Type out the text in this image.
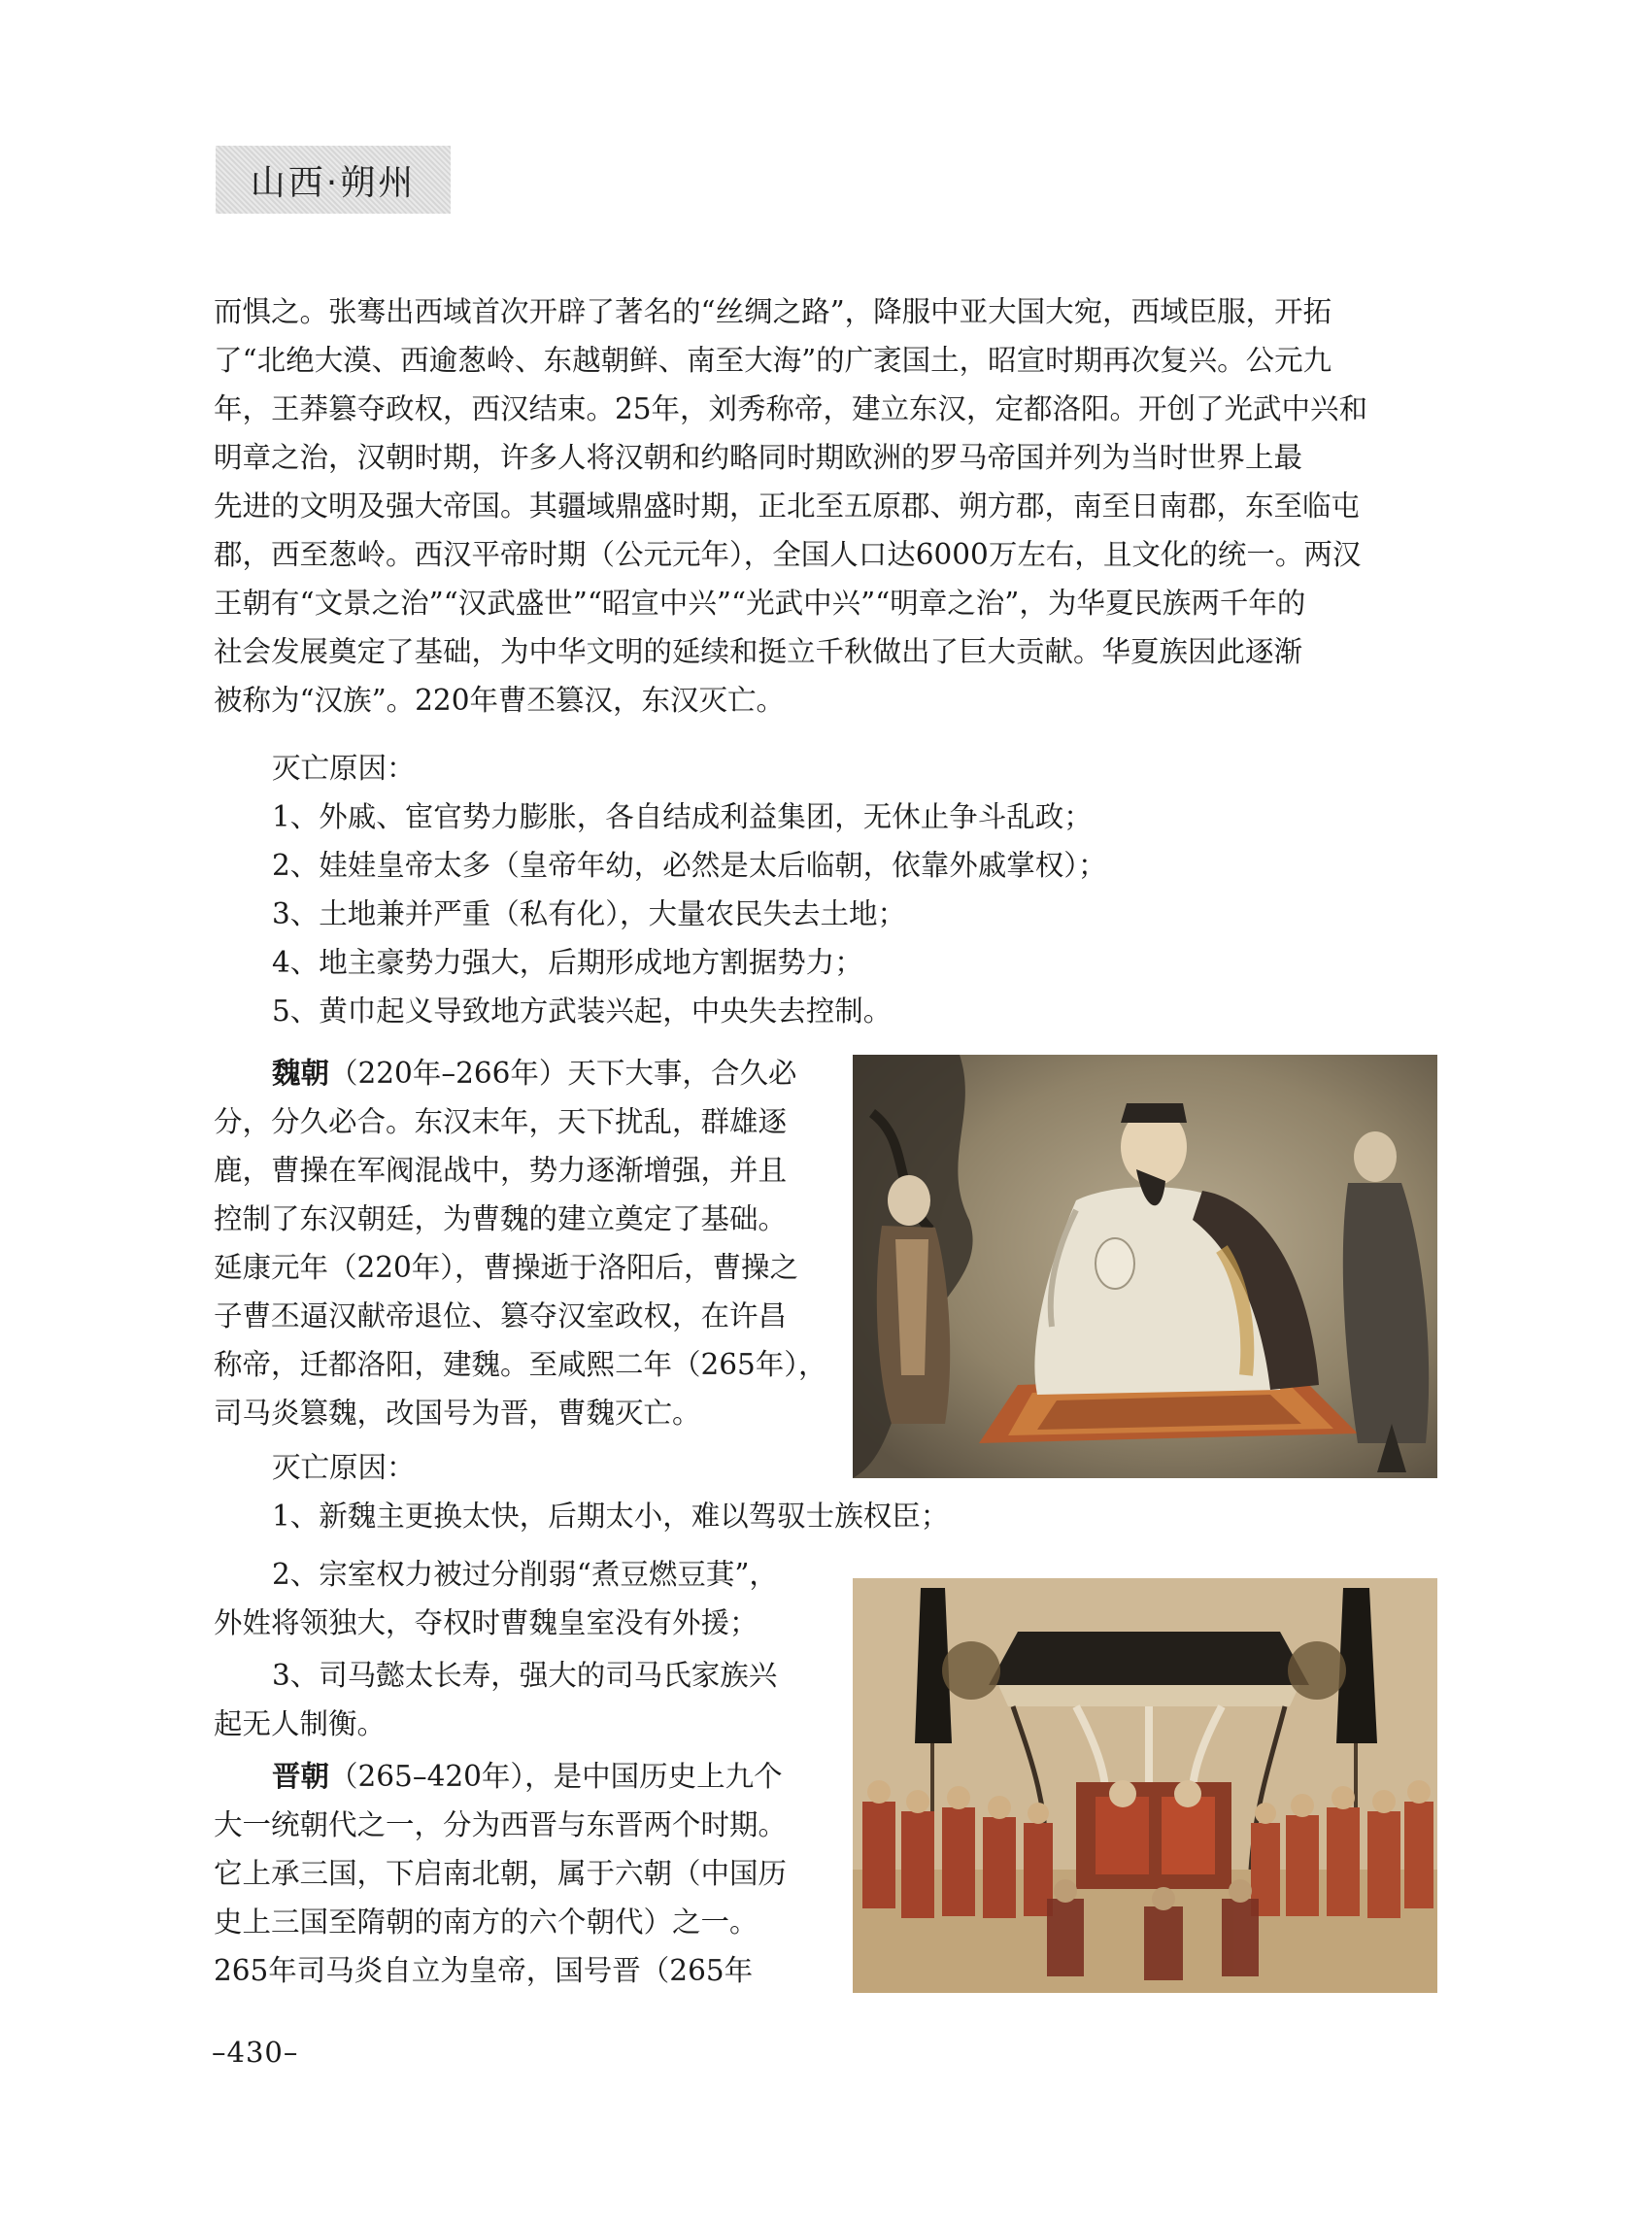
山西·朔州
而惧之。张骞出西域首次开辟了著名的“丝绸之路”，降服中亚大国大宛，西域臣服，开拓
了“北绝大漠、西逾葱岭、东越朝鲜、南至大海”的广袤国土，昭宣时期再次复兴。公元九
年，王莽篡夺政权，西汉结束。25年，刘秀称帝，建立东汉，定都洛阳。开创了光武中兴和
明章之治，汉朝时期，许多人将汉朝和约略同时期欧洲的罗马帝国并列为当时世界上最
先进的文明及强大帝国。其疆域鼎盛时期，正北至五原郡、朔方郡，南至日南郡，东至临屯
郡，西至葱岭。西汉平帝时期（公元元年），全国人口达6000万左右，且文化的统一。两汉
王朝有“文景之治”“汉武盛世”“昭宣中兴”“光武中兴”“明章之治”，为华夏民族两千年的
社会发展奠定了基础，为中华文明的延续和挺立千秋做出了巨大贡献。华夏族因此逐渐
被称为“汉族”。220年曹丕篡汉，东汉灭亡。
灭亡原因：
1、外戚、宦官势力膨胀，各自结成利益集团，无休止争斗乱政；
2、娃娃皇帝太多（皇帝年幼，必然是太后临朝，依靠外戚掌权）；
3、土地兼并严重（私有化），大量农民失去土地；
4、地主豪势力强大，后期形成地方割据势力；
5、黄巾起义导致地方武装兴起，中央失去控制。
魏朝（220年–266年）天下大事，合久必
分，分久必合。东汉末年，天下扰乱，群雄逐
鹿，曹操在军阀混战中，势力逐渐增强，并且
控制了东汉朝廷，为曹魏的建立奠定了基础。
延康元年（220年），曹操逝于洛阳后，曹操之
子曹丕逼汉献帝退位、篡夺汉室政权，在许昌
称帝，迁都洛阳，建魏。至咸熙二年（265年），
司马炎篡魏，改国号为晋，曹魏灭亡。
灭亡原因：
1、新魏主更换太快，后期太小，难以驾驭士族权臣；
2、宗室权力被过分削弱“煮豆燃豆萁”，
外姓将领独大，夺权时曹魏皇室没有外援；
3、司马懿太长寿，强大的司马氏家族兴
起无人制衡。
晋朝（265–420年），是中国历史上九个
大一统朝代之一，分为西晋与东晋两个时期。
它上承三国，下启南北朝，属于六朝（中国历
史上三国至隋朝的南方的六个朝代）之一。
265年司马炎自立为皇帝，国号晋（265年
–430–
